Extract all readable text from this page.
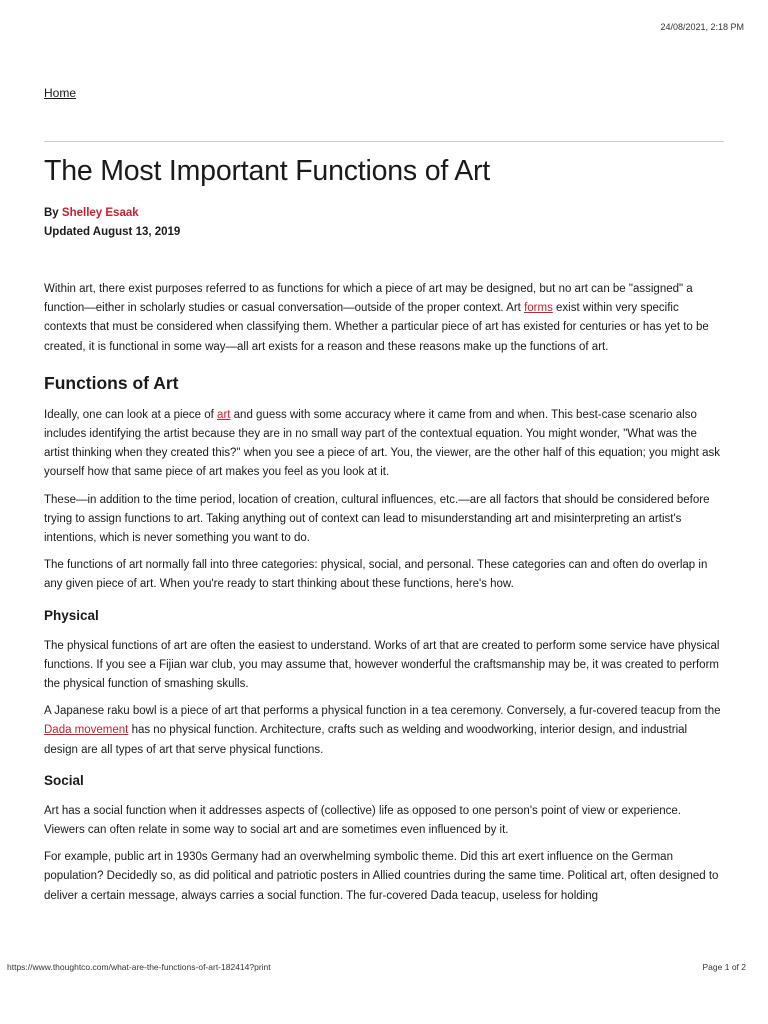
24/08/2021, 2:18 PM
Home
The Most Important Functions of Art
By Shelley Esaak
Updated August 13, 2019

Within art, there exist purposes referred to as functions for which a piece of art may be designed, but no art can be "assigned" a function—either in scholarly studies or casual conversation—outside of the proper context. Art forms exist within very specific contexts that must be considered when classifying them. Whether a particular piece of art has existed for centuries or has yet to be created, it is functional in some way—all art exists for a reason and these reasons make up the functions of art.

Functions of Art

Ideally, one can look at a piece of art and guess with some accuracy where it came from and when. This best-case scenario also includes identifying the artist because they are in no small way part of the contextual equation. You might wonder, "What was the artist thinking when they created this?" when you see a piece of art. You, the viewer, are the other half of this equation; you might ask yourself how that same piece of art makes you feel as you look at it.

These—in addition to the time period, location of creation, cultural influences, etc.—are all factors that should be considered before trying to assign functions to art. Taking anything out of context can lead to misunderstanding art and misinterpreting an artist's intentions, which is never something you want to do.

The functions of art normally fall into three categories: physical, social, and personal. These categories can and often do overlap in any given piece of art. When you're ready to start thinking about these functions, here's how.

Physical

The physical functions of art are often the easiest to understand. Works of art that are created to perform some service have physical functions. If you see a Fijian war club, you may assume that, however wonderful the craftsmanship may be, it was created to perform the physical function of smashing skulls.

A Japanese raku bowl is a piece of art that performs a physical function in a tea ceremony. Conversely, a fur-covered teacup from the Dada movement has no physical function. Architecture, crafts such as welding and woodworking, interior design, and industrial design are all types of art that serve physical functions.

Social

Art has a social function when it addresses aspects of (collective) life as opposed to one person's point of view or experience. Viewers can often relate in some way to social art and are sometimes even influenced by it.

For example, public art in 1930s Germany had an overwhelming symbolic theme. Did this art exert influence on the German population? Decidedly so, as did political and patriotic posters in Allied countries during the same time. Political art, often designed to deliver a certain message, always carries a social function. The fur-covered Dada teacup, useless for holding

https://www.thoughtco.com/what-are-the-functions-of-art-182414?print	Page 1 of 2
